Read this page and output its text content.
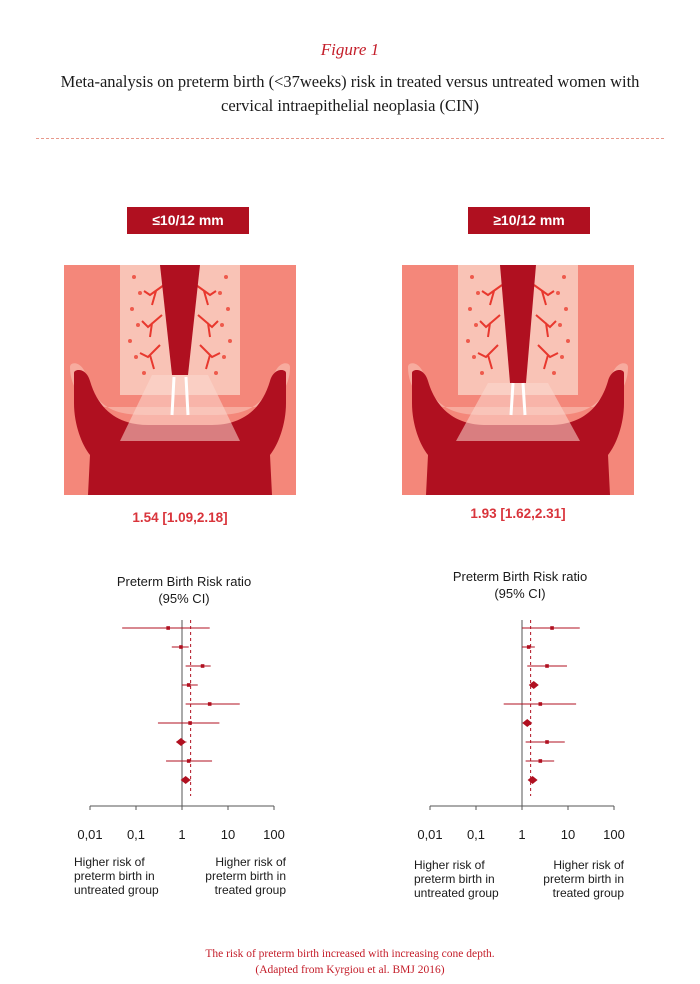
Figure 1
Meta-analysis on preterm birth (<37weeks) risk in treated versus untreated women with cervical intraepithelial neoplasia (CIN)
≤10/12 mm
1.54 [1.09,2.18]
≥10/12 mm
1.93 [1.62,2.31]
Preterm Birth Risk ratio
(95% CI)
Preterm Birth Risk ratio
(95% CI)
0,01 0,1	1	10 100	0,01 0,1	1	10 100
Higher risk of
preterm birth in
untreated group
Higher risk of
preterm birth in
treated group
Higher risk of
preterm birth in
untreated group
Higher risk of
preterm birth in
treated group
The risk of preterm birth increased with increasing cone depth.
(Adapted from Kyrgiou et al. BMJ 2016)
